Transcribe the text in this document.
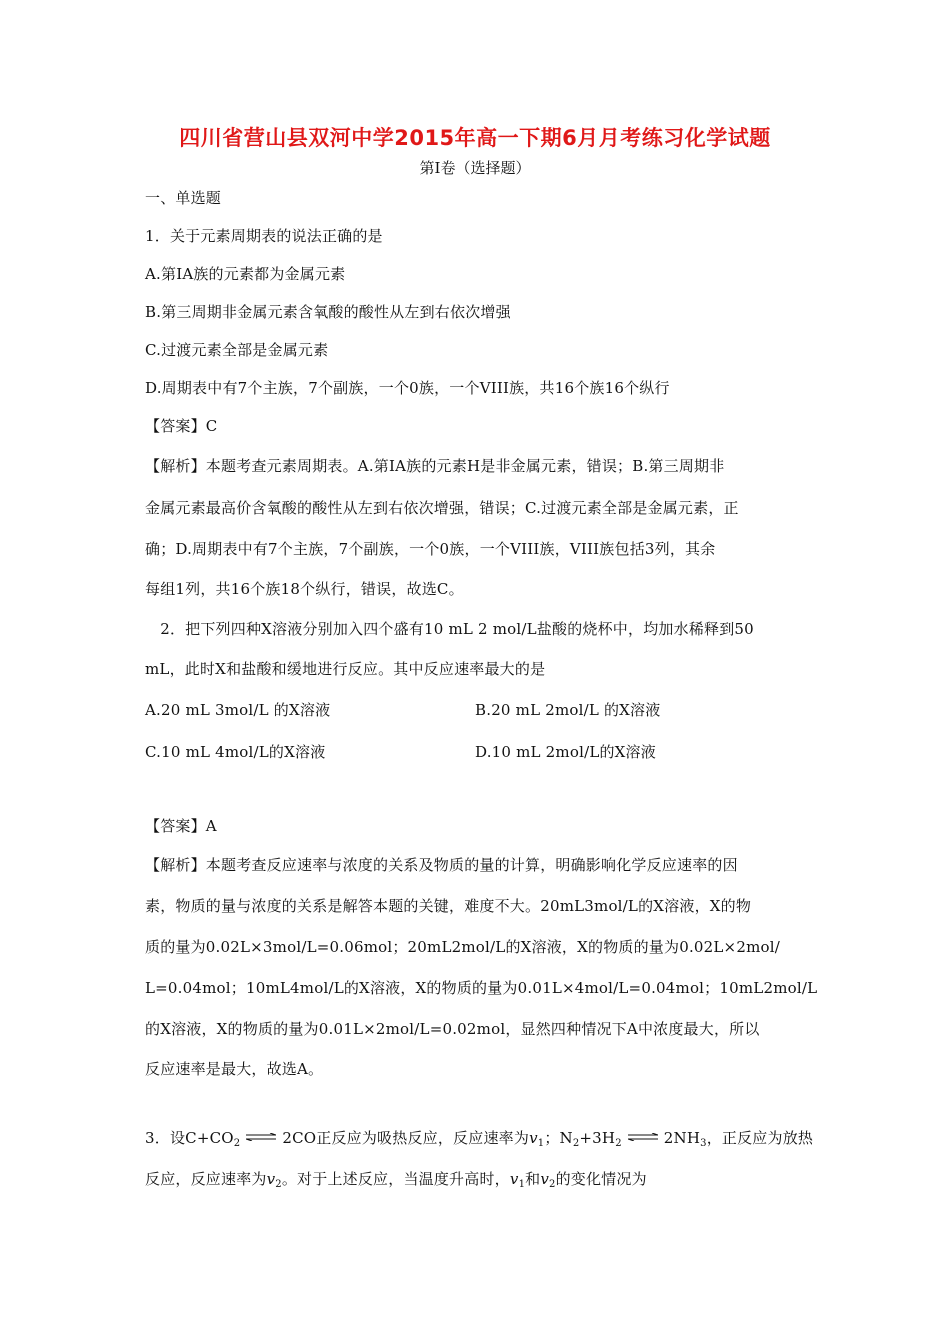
四川省营山县双河中学2015年高一下期6月月考练习化学试题
第Ⅰ卷（选择题）
一、单选题
1．关于元素周期表的说法正确的是
A.第ⅠA族的元素都为金属元素
B.第三周期非金属元素含氧酸的酸性从左到右依次增强
C.过渡元素全部是金属元素
D.周期表中有7个主族，7个副族，一个0族，一个VIII族，共16个族16个纵行
【答案】C
【解析】本题考查元素周期表。A.第ⅠA族的元素H是非金属元素，错误；B.第三周期非
金属元素最高价含氧酸的酸性从左到右依次增强，错误；C.过渡元素全部是金属元素，正
确；D.周期表中有7个主族，7个副族，一个0族，一个VIII族，VIII族包括3列，其余
每组1列，共16个族18个纵行，错误，故选C。
　2．把下列四种X溶液分别加入四个盛有10 mL 2 mol/L盐酸的烧杯中，均加水稀释到50
mL，此时X和盐酸和缓地进行反应。其中反应速率最大的是
A.20 mL 3mol/L 的X溶液	B.20 mL 2mol/L 的X溶液
C.10 mL 4mol/L的X溶液	D.10 mL 2mol/L的X溶液
【答案】A
【解析】本题考查反应速率与浓度的关系及物质的量的计算，明确影响化学反应速率的因
素，物质的量与浓度的关系是解答本题的关键，难度不大。20mL3mol/L的X溶液，X的物
质的量为0.02L×3mol/L=0.06mol；20mL2mol/L的X溶液，X的物质的量为0.02L×2mol/
L=0.04mol；10mL4mol/L的X溶液，X的物质的量为0.01L×4mol/L=0.04mol；10mL2mol/L
的X溶液，X的物质的量为0.01L×2mol/L=0.02mol，显然四种情况下A中浓度最大，所以
反应速率是最大，故选A。
3．设$C+CO_2$ ⇌ 2CO正反应为吸热反应，反应速率为$v_1$；$N_2+3H_2$ ⇌ $2NH_3$，正反应为放热
反应，反应速率为$v_2$。对于上述反应，当温度升高时，$v_1$和$v_2$的变化情况为
